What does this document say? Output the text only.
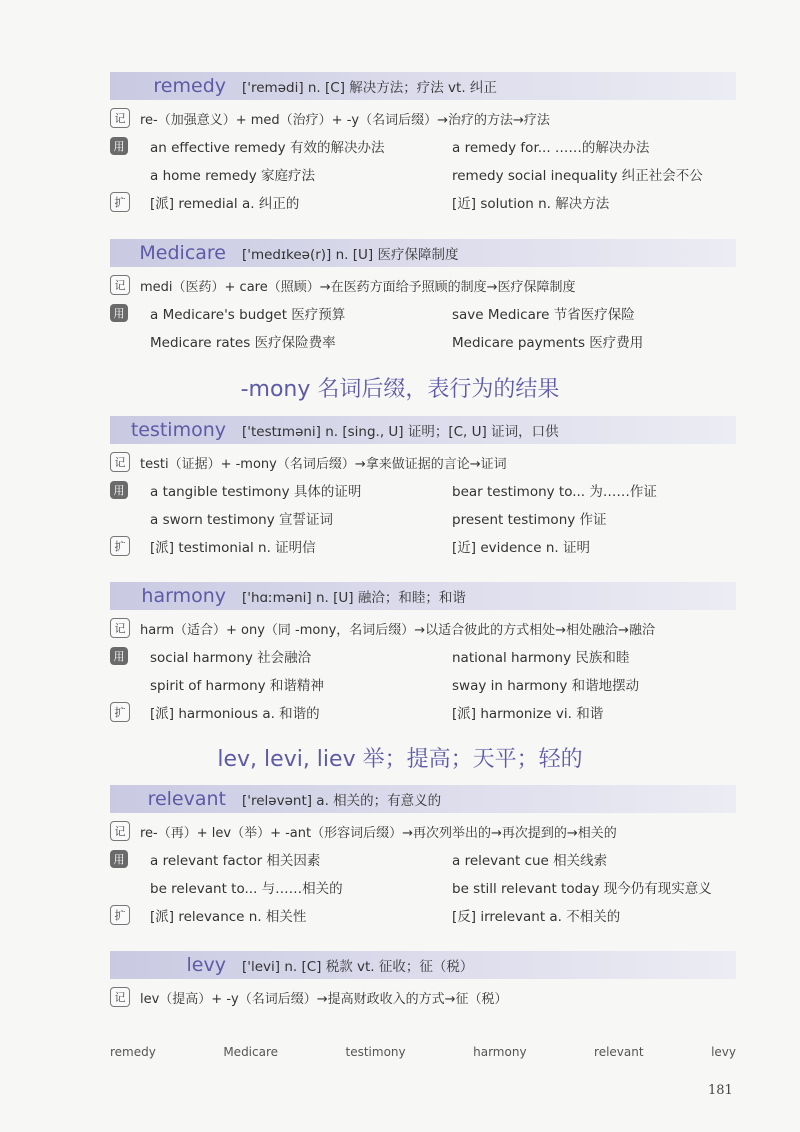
remedy	['remədi] n. [C] 解决方法；疗法 vt. 纠正
记	re-（加强意义）+ med（治疗）+ -y（名词后缀）→治疗的方法→疗法
用	an effective remedy 有效的解决办法	a remedy for... ……的解决办法
a home remedy 家庭疗法	remedy social inequality 纠正社会不公
扩	[派] remedial a. 纠正的	[近] solution n. 解决方法
Medicare	['medɪkeə(r)] n. [U] 医疗保障制度
记	medi（医药）+ care（照顾）→在医药方面给予照顾的制度→医疗保障制度
用	a Medicare's budget 医疗预算	save Medicare 节省医疗保险
Medicare rates 医疗保险费率	Medicare payments 医疗费用
-mony 名词后缀，表行为的结果
testimony	['testɪməni] n. [sing., U] 证明；[C, U] 证词，口供
记	testi（证据）+ -mony（名词后缀）→拿来做证据的言论→证词
用	a tangible testimony 具体的证明	bear testimony to... 为……作证
a sworn testimony 宣誓证词	present testimony 作证
扩	[派] testimonial n. 证明信	[近] evidence n. 证明
harmony	['hɑːməni] n. [U] 融洽；和睦；和谐
记	harm（适合）+ ony（同 -mony，名词后缀）→以适合彼此的方式相处→相处融洽→融洽
用	social harmony 社会融洽	national harmony 民族和睦
spirit of harmony 和谐精神	sway in harmony 和谐地摆动
扩	[派] harmonious a. 和谐的	[派] harmonize vi. 和谐
lev, levi, liev 举；提高；天平；轻的
relevant	['reləvənt] a. 相关的；有意义的
记	re-（再）+ lev（举）+ -ant（形容词后缀）→再次列举出的→再次提到的→相关的
用	a relevant factor 相关因素	a relevant cue 相关线索
be relevant to... 与……相关的	be still relevant today 现今仍有现实意义
扩	[派] relevance n. 相关性	[反] irrelevant a. 不相关的
levy	['levi] n. [C] 税款 vt. 征收；征（税）
记	lev（提高）+ -y（名词后缀）→提高财政收入的方式→征（税）
remedy	Medicare	testimony	harmony	relevant	levy
181
